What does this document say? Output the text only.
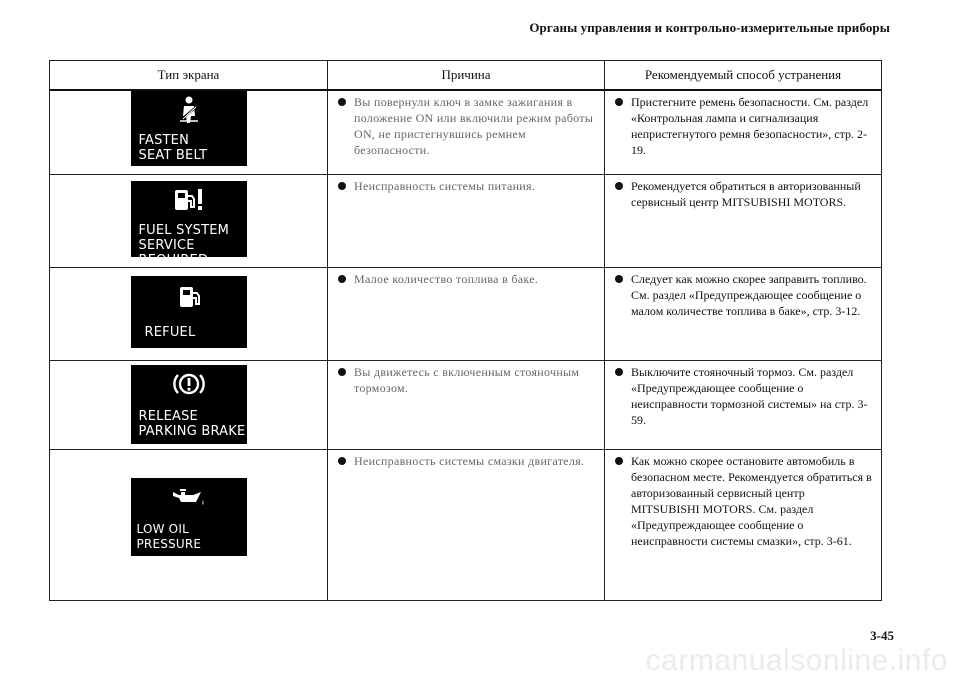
Органы управления и контрольно-измерительные приборы
Тип экрана	Причина	Рекомендуемый способ устранения

FASTEN
SEAT BELT	Вы повернули ключ в замке зажигания в положение ON или включили режим работы ON, не пристегнувшись ремнем безопасности.	Пристегните ремень безопасности. См. раздел «Контрольная лампа и сигнализация непристегнутого ремня безопасности», стр. 2-19.

FUEL SYSTEM
SERVICE REQUIRED	Неисправность системы питания.	Рекомендуется обратиться в авторизованный сервисный центр MITSUBISHI MOTORS.

REFUEL	Малое количество топлива в баке.	Следует как можно скорее заправить топливо. См. раздел «Предупреждающее сообщение о малом количестве топлива в баке», стр. 3-12.

RELEASE
PARKING BRAKE	Вы движетесь с включенным стояночным тормозом.	Выключите стояночный тормоз. См. раздел «Предупреждающее сообщение о неисправности тормозной системы» на стр. 3-59.

LOW OIL PRESSURE	Неисправность системы смазки двигателя.	Как можно скорее остановите автомобиль в безопасном месте. Рекомендуется обратиться в авторизованный сервисный центр MITSUBISHI MOTORS. См. раздел «Предупреждающее сообщение о неисправности системы смазки», стр. 3-61.
3-45
carmanualsonline.info
